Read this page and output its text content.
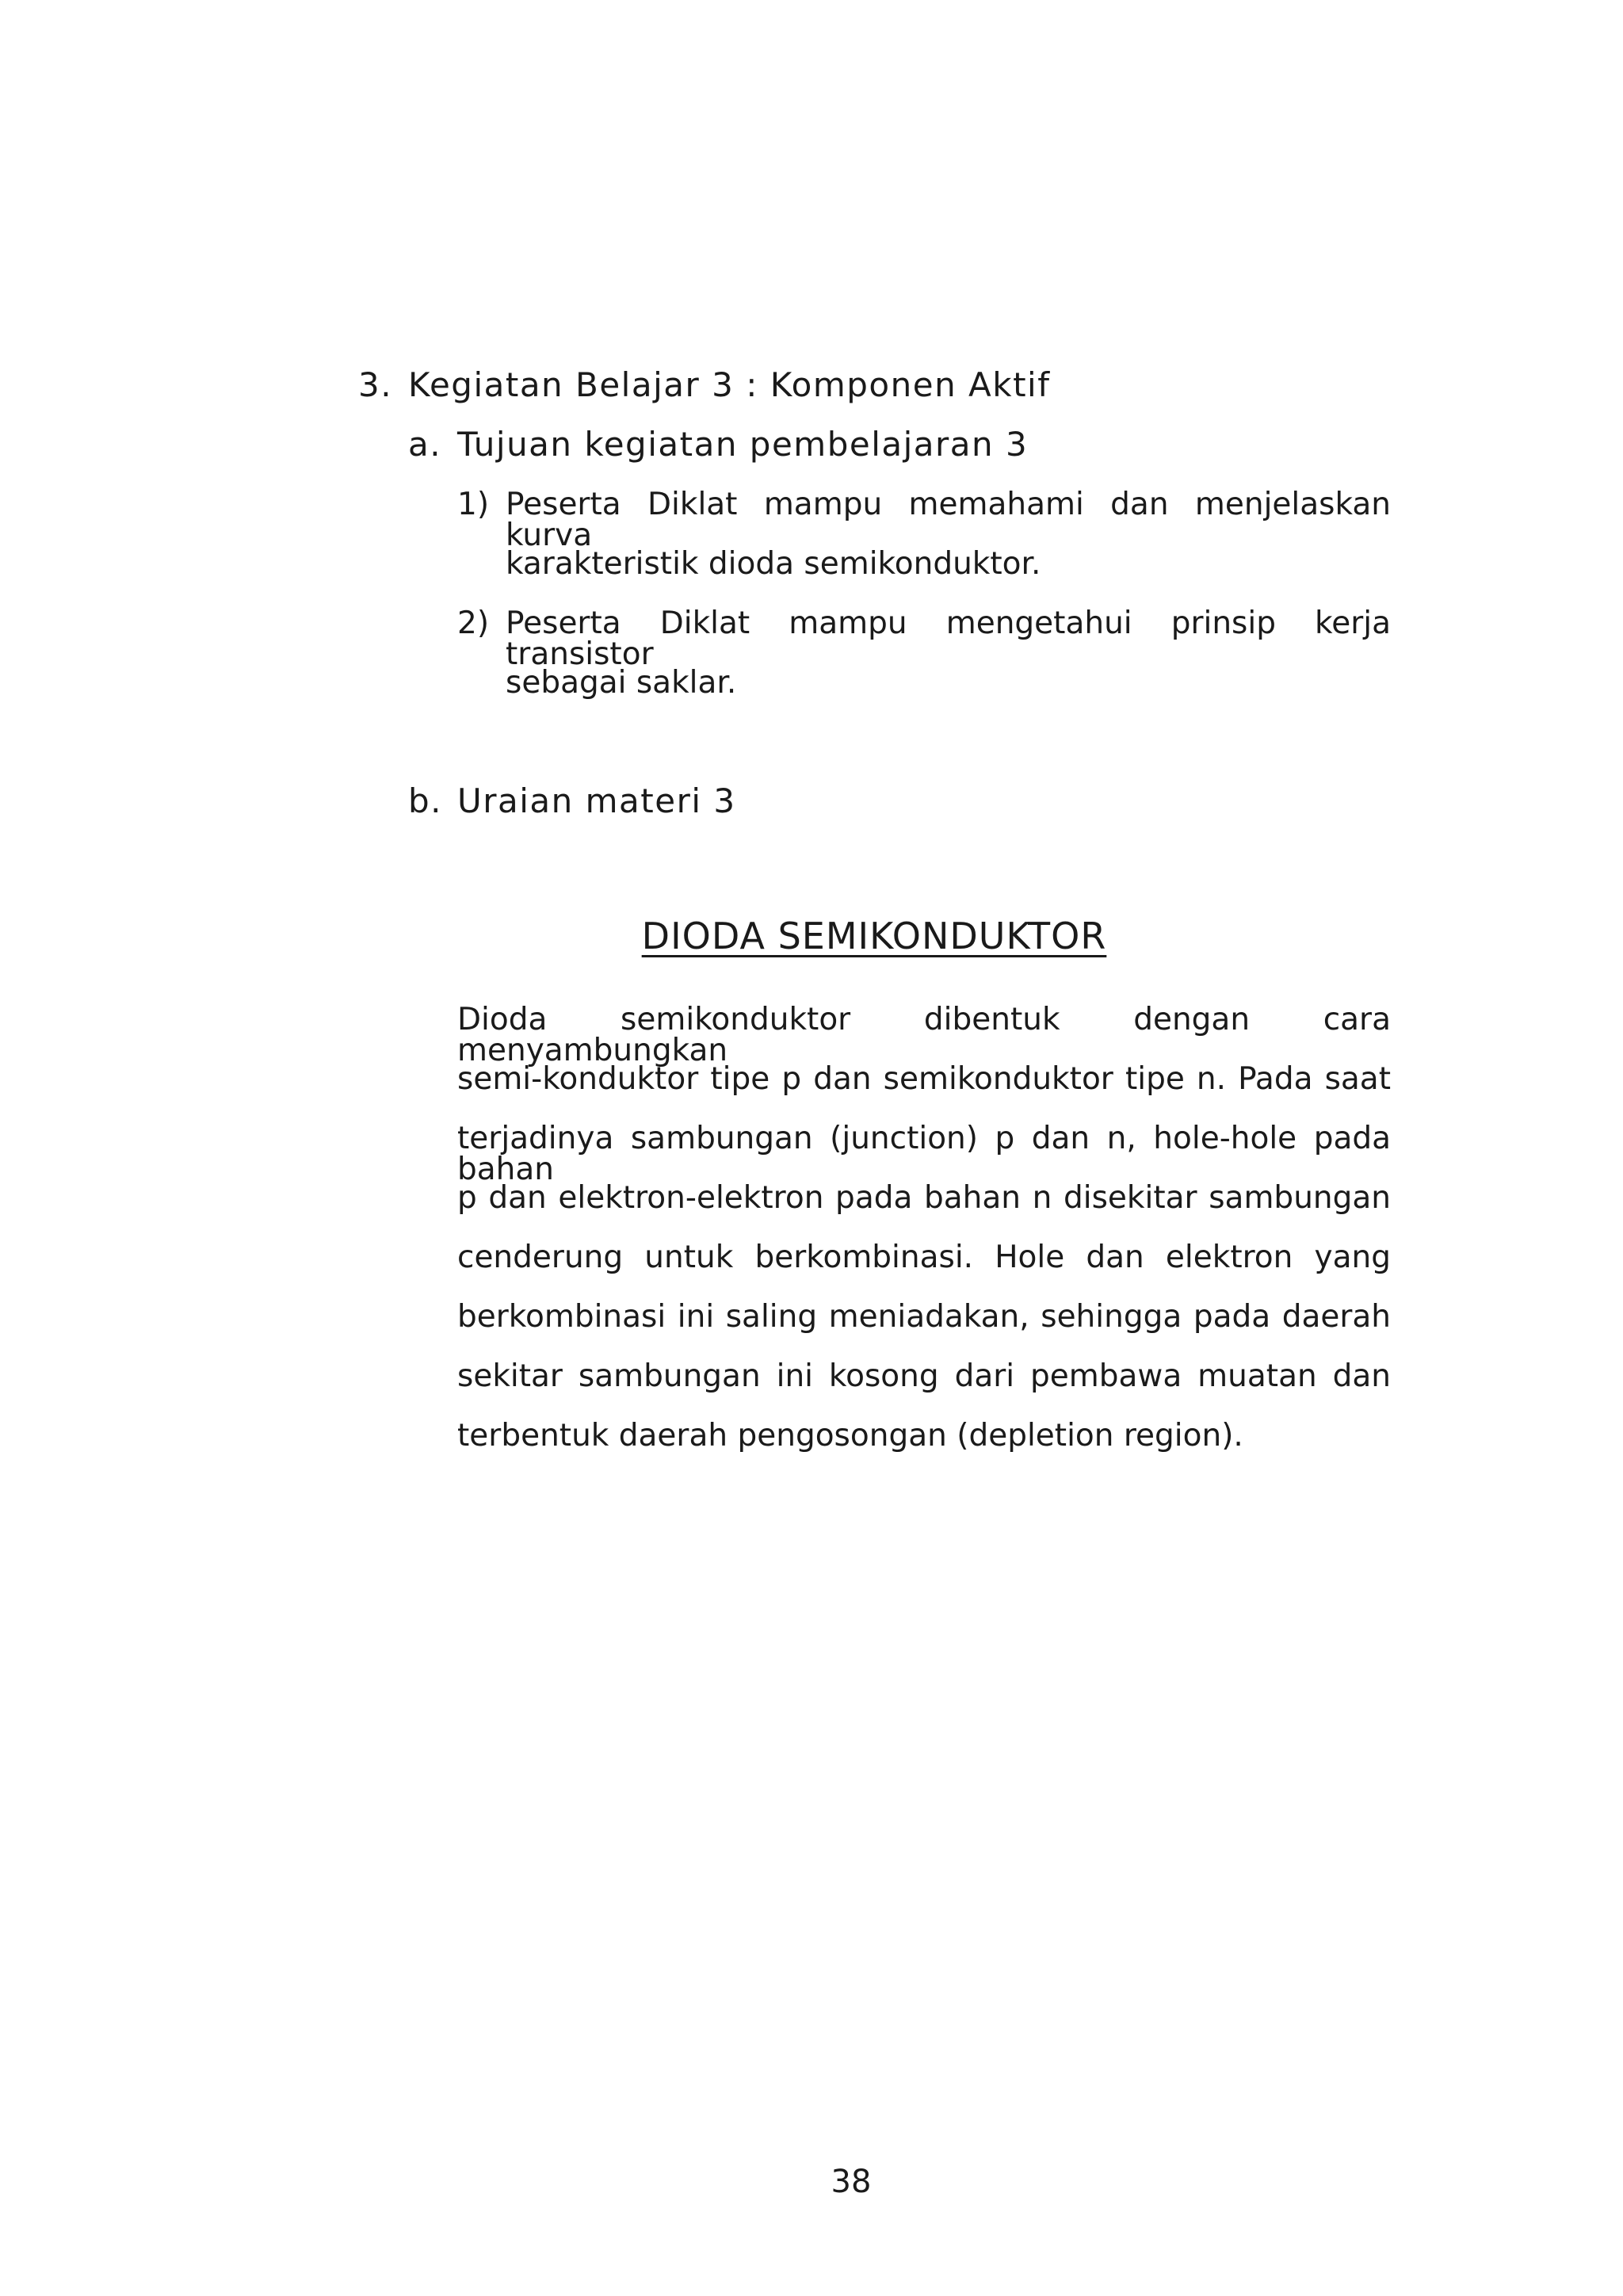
3. Kegiatan Belajar 3 : Komponen Aktif
a. Tujuan kegiatan pembelajaran 3
1) Peserta Diklat mampu memahami dan menjelaskan kurva
karakteristik dioda semikonduktor.
2) Peserta Diklat mampu mengetahui prinsip kerja transistor
sebagai saklar.
b. Uraian materi 3
DIODA SEMIKONDUKTOR
Dioda semikonduktor dibentuk dengan cara menyambungkan
semi-konduktor tipe p dan semikonduktor tipe n. Pada saat
terjadinya sambungan (junction) p dan n, hole-hole pada bahan
p dan elektron-elektron pada bahan n disekitar sambungan
cenderung untuk berkombinasi. Hole dan elektron yang
berkombinasi ini saling meniadakan, sehingga pada daerah
sekitar sambungan ini kosong dari pembawa muatan dan
terbentuk daerah pengosongan (depletion region).
38
